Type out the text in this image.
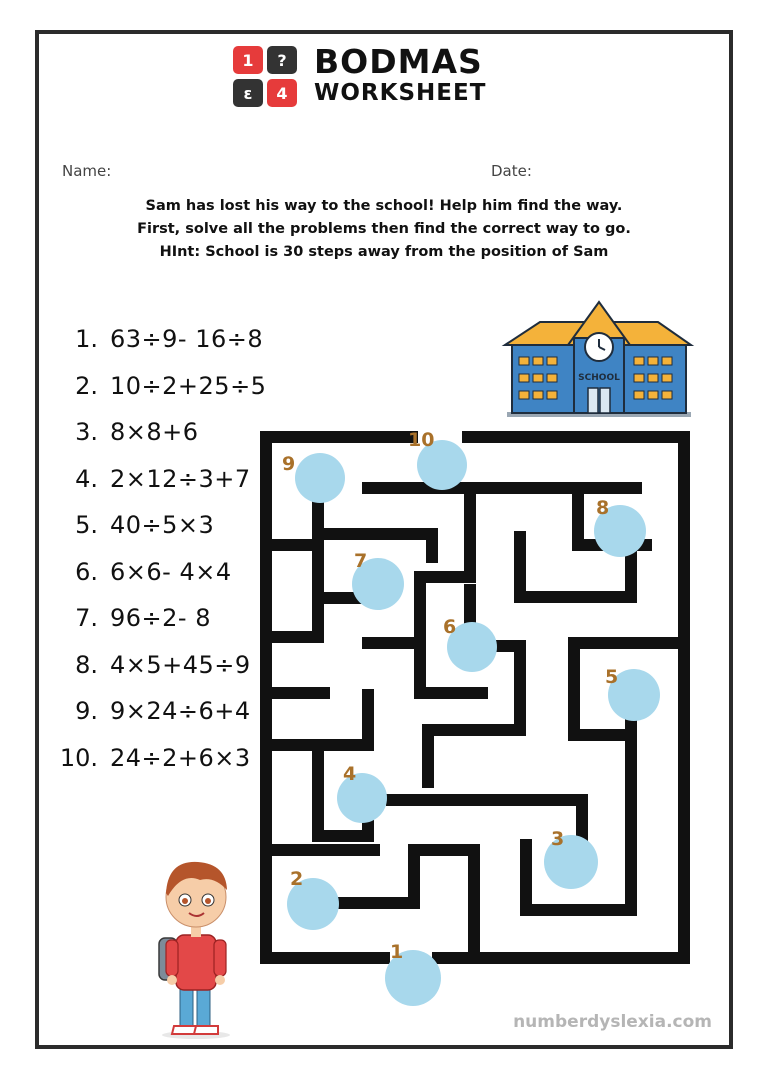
1	?
ε	4
BODMAS
WORKSHEET
Name:	Date:
Sam has lost his way to the school! Help him find the way.
First, solve all the problems then find the correct way to go.
HInt: School is 30 steps away from the position of Sam
1. 63÷9- 16÷8
2. 10÷2+25÷5
3. 8×8+6
4. 2×12÷3+7
5. 40÷5×3
6. 6×6- 4×4
7. 96÷2- 8
8. 4×5+45÷9
9. 9×24÷6+4
10. 24÷2+6×3
SCHOOL
1
2
3
4
5
6
7
8
9
10
numberdyslexia.com
